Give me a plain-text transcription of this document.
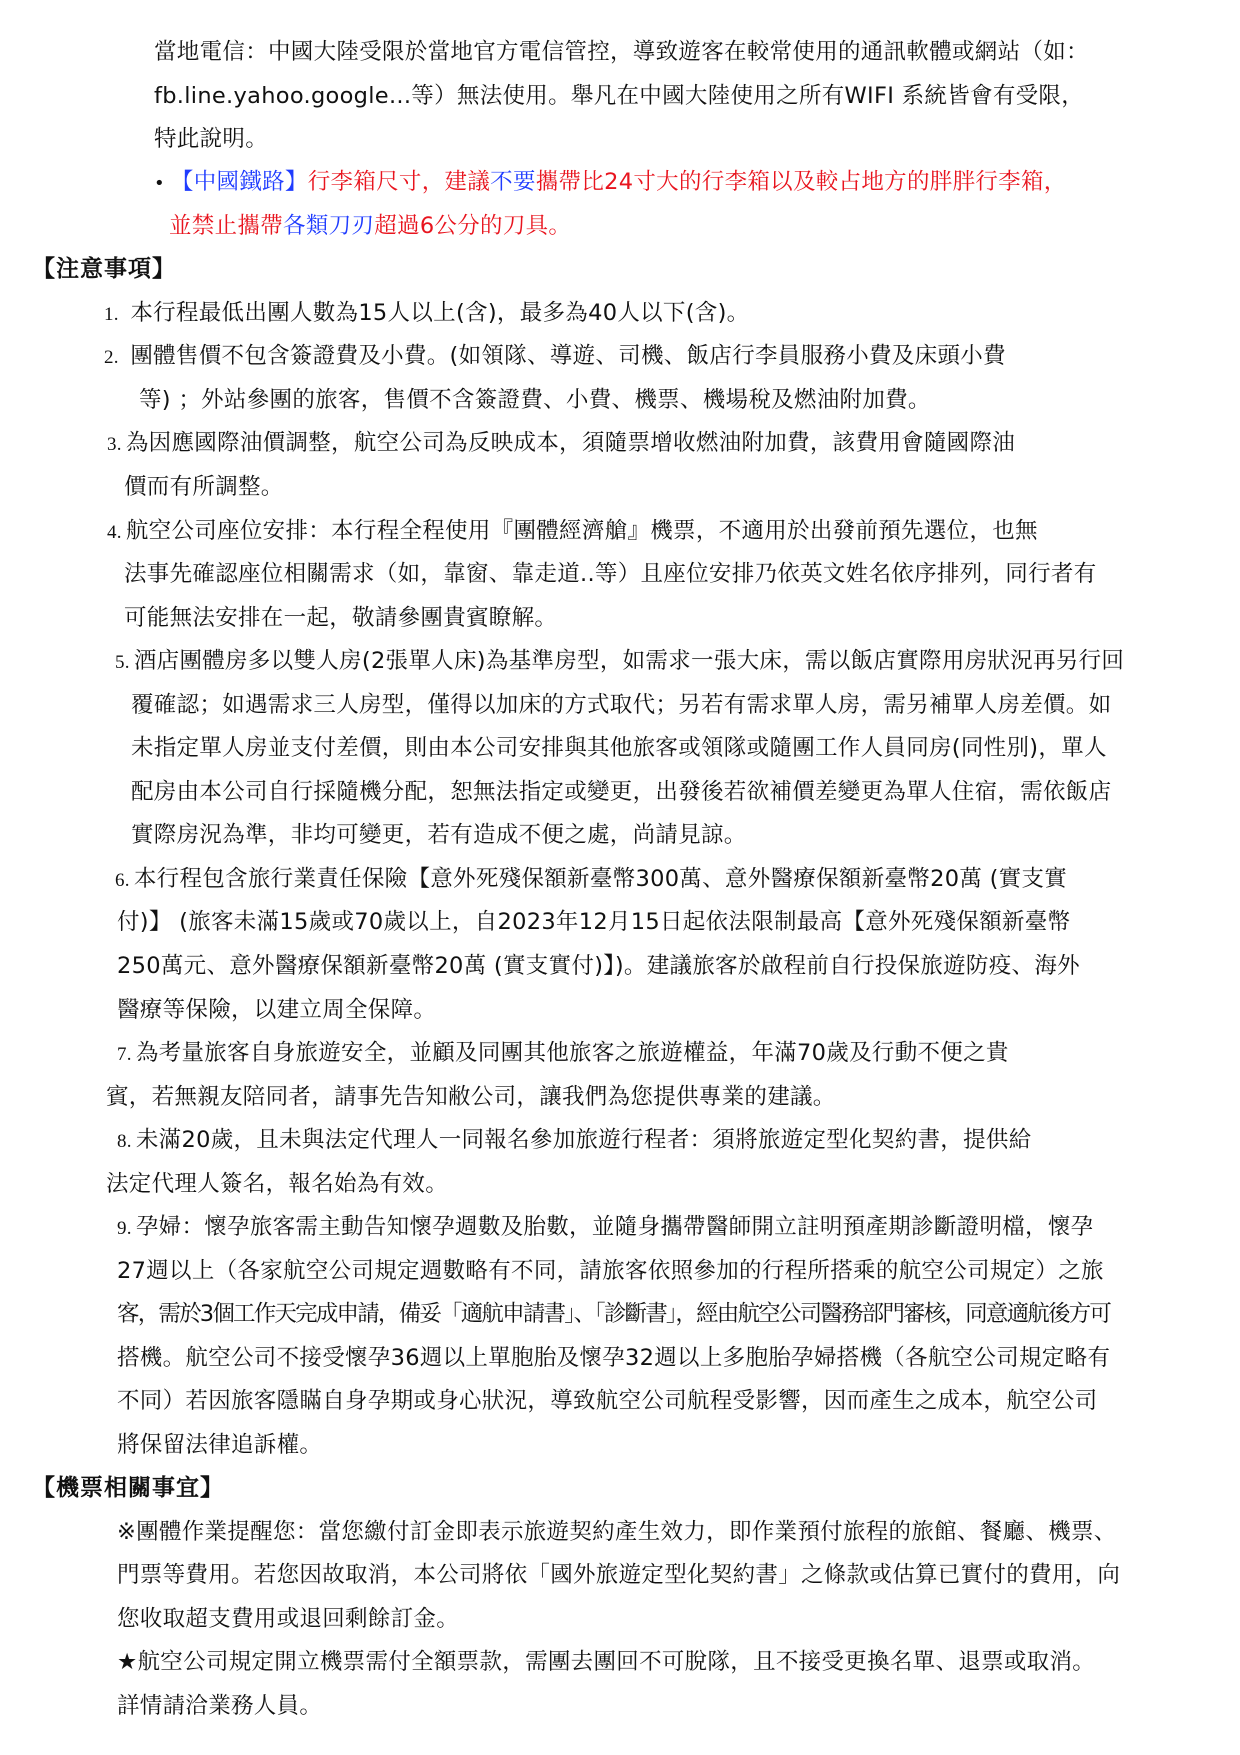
當地電信：中國大陸受限於當地官方電信管控，導致遊客在較常使用的通訊軟體或網站（如：

fb.line.yahoo.google...等）無法使用。舉凡在中國大陸使用之所有WIFI 系統皆會有受限，

特此說明。

• 【中國鐵路】行李箱尺寸，建議不要攜帶比24寸大的行李箱以及較占地方的胖胖行李箱，

並禁止攜帶各類刀刃超過6公分的刀具。

【注意事項】

1. 本行程最低出團人數為15人以上(含)，最多為40人以下(含)。

2. 團體售價不包含簽證費及小費。(如領隊、導遊、司機、飯店行李員服務小費及床頭小費

等) ；外站參團的旅客，售價不含簽證費、小費、機票、機場稅及燃油附加費。

3. 為因應國際油價調整，航空公司為反映成本，須隨票增收燃油附加費，該費用會隨國際油

價而有所調整。

4. 航空公司座位安排：本行程全程使用『團體經濟艙』機票，不適用於出發前預先選位，也無

法事先確認座位相關需求（如，靠窗、靠走道..等）且座位安排乃依英文姓名依序排列，同行者有

可能無法安排在一起，敬請參團貴賓瞭解。

5. 酒店團體房多以雙人房(2張單人床)為基準房型，如需求一張大床，需以飯店實際用房狀況再另行回

覆確認；如遇需求三人房型，僅得以加床的方式取代；另若有需求單人房，需另補單人房差價。如

未指定單人房並支付差價，則由本公司安排與其他旅客或領隊或隨團工作人員同房(同性別)，單人

配房由本公司自行採隨機分配，恕無法指定或變更，出發後若欲補價差變更為單人住宿，需依飯店

實際房況為準，非均可變更，若有造成不便之處，尚請見諒。

6. 本行程包含旅行業責任保險【意外死殘保額新臺幣300萬、意外醫療保額新臺幣20萬 (實支實

付)】 (旅客未滿15歲或70歲以上，自2023年12月15日起依法限制最高【意外死殘保額新臺幣

250萬元、意外醫療保額新臺幣20萬 (實支實付)】)。建議旅客於啟程前自行投保旅遊防疫、海外

醫療等保險，以建立周全保障。

7. 為考量旅客自身旅遊安全，並顧及同團其他旅客之旅遊權益，年滿70歲及行動不便之貴

賓，若無親友陪同者，請事先告知敝公司，讓我們為您提供專業的建議。

8. 未滿20歲，且未與法定代理人一同報名參加旅遊行程者：須將旅遊定型化契約書，提供給

法定代理人簽名，報名始為有效。

9. 孕婦：懷孕旅客需主動告知懷孕週數及胎數，並隨身攜帶醫師開立註明預產期診斷證明檔，懷孕

27週以上（各家航空公司規定週數略有不同，請旅客依照參加的行程所搭乘的航空公司規定）之旅

客，需於3個工作天完成申請，備妥「適航申請書」、「診斷書」，經由航空公司醫務部門審核，同意適航後方可

搭機。航空公司不接受懷孕36週以上單胞胎及懷孕32週以上多胞胎孕婦搭機（各航空公司規定略有

不同）若因旅客隱瞞自身孕期或身心狀況，導致航空公司航程受影響，因而產生之成本，航空公司

將保留法律追訴權。

【機票相關事宜】

※團體作業提醒您：當您繳付訂金即表示旅遊契約產生效力，即作業預付旅程的旅館、餐廳、機票、

門票等費用。若您因故取消，本公司將依「國外旅遊定型化契約書」之條款或估算已實付的費用，向

您收取超支費用或退回剩餘訂金。

★航空公司規定開立機票需付全額票款，需團去團回不可脫隊，且不接受更換名單、退票或取消。

詳情請洽業務人員。
